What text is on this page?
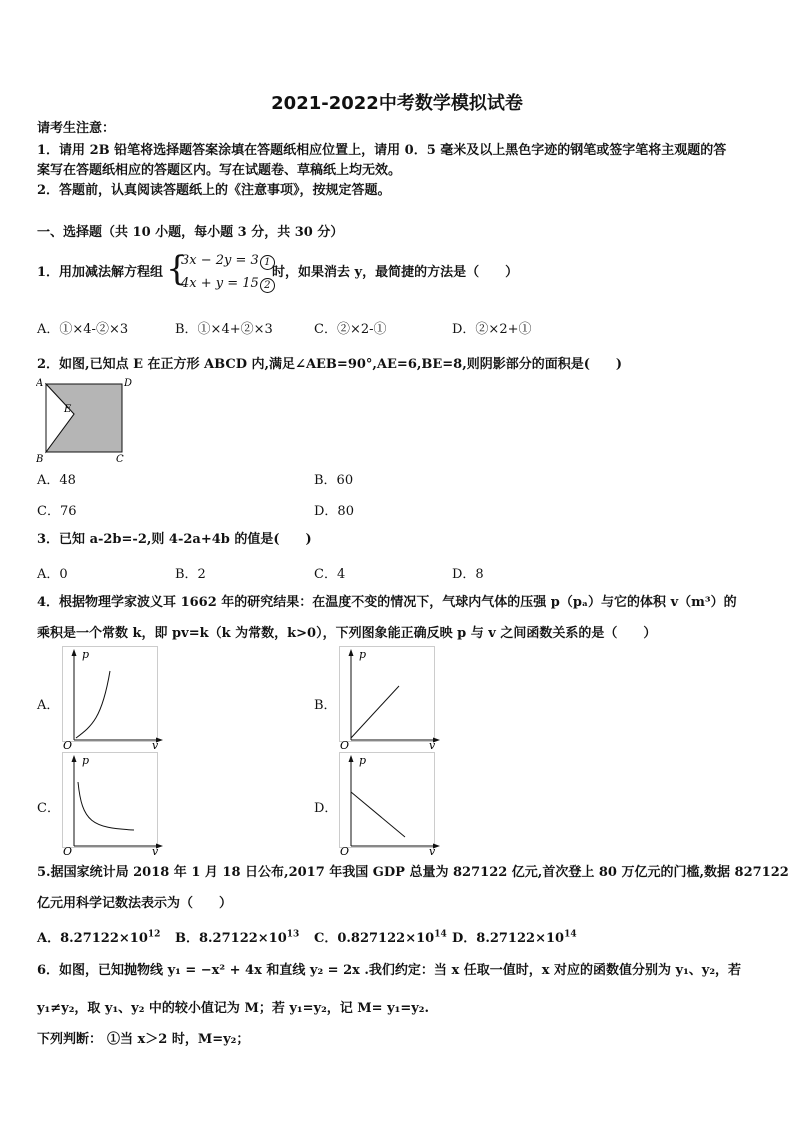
2021-2022中考数学模拟试卷
请考生注意：
1．请用 2B 铅笔将选择题答案涂填在答题纸相应位置上，请用 0．5 毫米及以上黑色字迹的钢笔或签字笔将主观题的答
案写在答题纸相应的答题区内。写在试题卷、草稿纸上均无效。
2．答题前，认真阅读答题纸上的《注意事项》，按规定答题。
一、选择题（共 10 小题，每小题 3 分，共 30 分）
1．用加减法解方程组 {
3x − 2y = 3 1
4x + y = 15 2
时，如果消去 y，最简捷的方法是（　　）
A．①×4-②×3	B．①×4+②×3	C．②×2-①	D．②×2+①
2．如图,已知点 E 在正方形 ABCD 内,满足∠AEB=90°,AE=6,BE=8,则阴影部分的面积是(　　)
A	D
E
B	C
A．48	B．60
C．76	D．80
3．已知 a-2b=-2,则 4-2a+4b 的值是(　　)
A．0	B．2	C．4	D．8
4．根据物理学家波义耳 1662 年的研究结果：在温度不变的情况下，气球内气体的压强 p（pₐ）与它的体积 v（m³）的
乘积是一个常数 k，即 pv=k（k 为常数，k>0），下列图象能正确反映 p 与 v 之间函数关系的是（　　）
A．
p
O	v
B．
p
O	v
C．
p
O	v
D．
p
O	v
5.据国家统计局 2018 年 1 月 18 日公布,2017 年我国 GDP 总量为 827122 亿元,首次登上 80 万亿元的门槛,数据 827122
亿元用科学记数法表示为（　　）
A．$8.27122\times 10^{12}$ B．$8.27122\times 10^{13}$ C．$0.827122\times 10^{14}$ D．$8.27122\times 10^{14}$
6．如图，已知抛物线 y₁ = −x² + 4x 和直线 y₂ = 2x .我们约定：当 x 任取一值时，x 对应的函数值分别为 y₁、y₂，若
y₁≠y₂，取 y₁、y₂ 中的较小值记为 M；若 y₁=y₂，记 M= y₁=y₂.
下列判断： ①当 x＞2 时，M=y₂；
